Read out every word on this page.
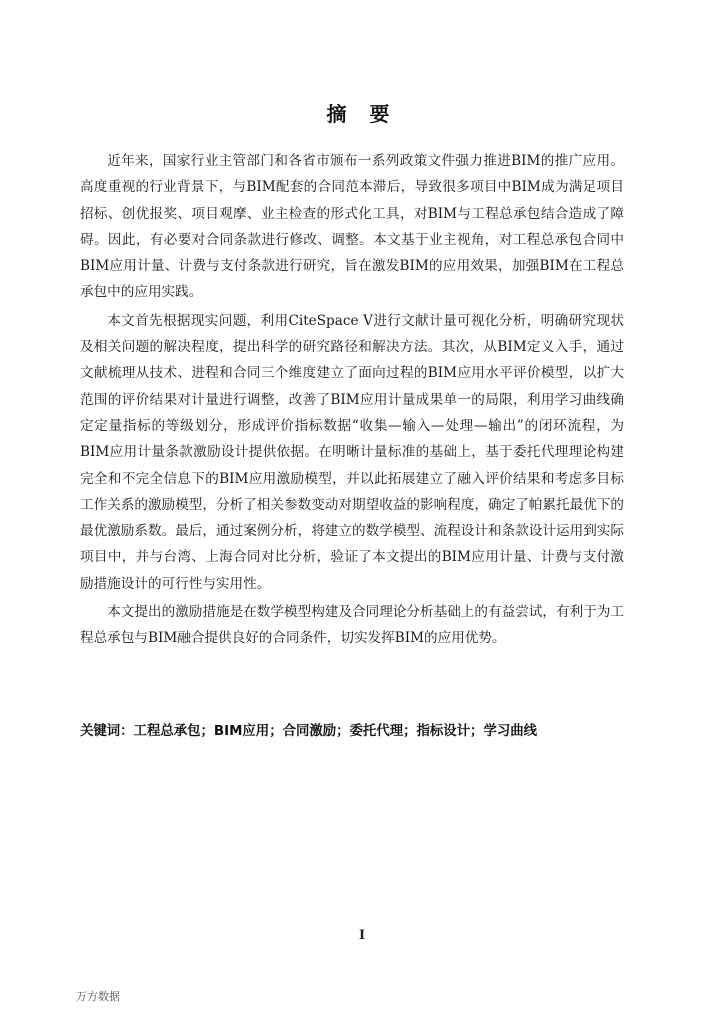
摘 要

近年来，国家行业主管部门和各省市颁布一系列政策文件强力推进BIM的推广应用。高度重视的行业背景下，与BIM配套的合同范本滞后，导致很多项目中BIM成为满足项目招标、创优报奖、项目观摩、业主检查的形式化工具，对BIM与工程总承包结合造成了障碍。因此，有必要对合同条款进行修改、调整。本文基于业主视角，对工程总承包合同中BIM应用计量、计费与支付条款进行研究，旨在激发BIM的应用效果，加强BIM在工程总承包中的应用实践。

本文首先根据现实问题，利用CiteSpace V进行文献计量可视化分析，明确研究现状及相关问题的解决程度，提出科学的研究路径和解决方法。其次，从BIM定义入手，通过文献梳理从技术、进程和合同三个维度建立了面向过程的BIM应用水平评价模型，以扩大范围的评价结果对计量进行调整，改善了BIM应用计量成果单一的局限，利用学习曲线确定定量指标的等级划分，形成评价指标数据“收集—输入—处理—输出”的闭环流程，为BIM应用计量条款激励设计提供依据。在明晰计量标准的基础上，基于委托代理理论构建完全和不完全信息下的BIM应用激励模型，并以此拓展建立了融入评价结果和考虑多目标工作关系的激励模型，分析了相关参数变动对期望收益的影响程度，确定了帕累托最优下的最优激励系数。最后，通过案例分析，将建立的数学模型、流程设计和条款设计运用到实际项目中，并与台湾、上海合同对比分析，验证了本文提出的BIM应用计量、计费与支付激励措施设计的可行性与实用性。

本文提出的激励措施是在数学模型构建及合同理论分析基础上的有益尝试，有利于为工程总承包与BIM融合提供良好的合同条件，切实发挥BIM的应用优势。

关键词：工程总承包；BIM应用；合同激励；委托代理；指标设计；学习曲线
I
万方数据
